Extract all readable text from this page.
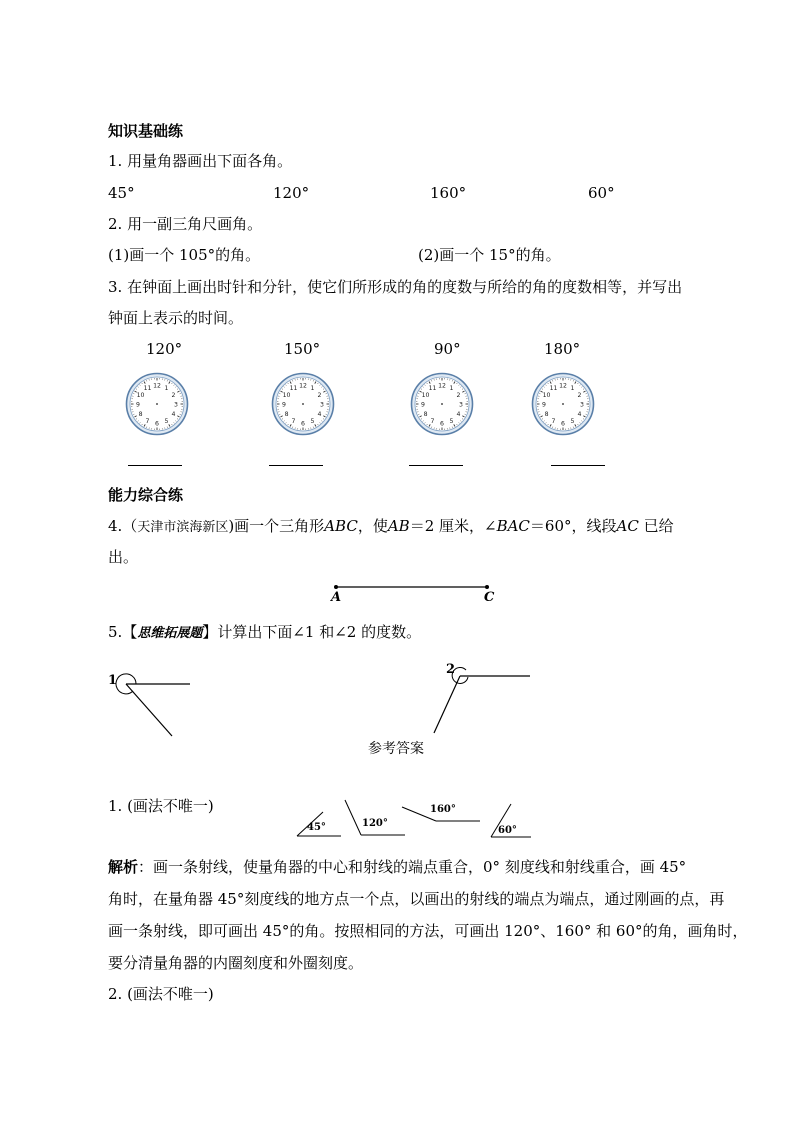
知识基础练
1. 用量角器画出下面各角。
45°	120°	160°	60°
2. 用一副三角尺画角。
(1)画一个 105°的角。	(2)画一个 15°的角。
3. 在钟面上画出时针和分针，使它们所形成的角的度数与所给的角的度数相等，并写出
钟面上表示的时间。
120°	150°	90°	180°
12 1
2
3
4
5
6
7
8
9
10
11	12 1
2
3
4
5
6
7
8
9
10
11	12 1
2
3
4
5
6
7
8
9
10
11	12 1
2
3
4
5
6
7
8
9
10
11
能力综合练
4.（天津市滨海新区)画一个三角形ABC，使AB＝2 厘米，∠BAC＝60°，线段AC 已给
出。
A	C
5.【思维拓展题】计算出下面∠1 和∠2 的度数。
1
2
参考答案
1. (画法不唯一)
45°	120°
160°
60°
解析：画一条射线，使量角器的中心和射线的端点重合，0° 刻度线和射线重合，画 45°
角时，在量角器 45°刻度线的地方点一个点，以画出的射线的端点为端点，通过刚画的点，再
画一条射线，即可画出 45°的角。按照相同的方法，可画出 120°、160° 和 60°的角，画角时，
要分清量角器的内圈刻度和外圈刻度。
2. (画法不唯一)
